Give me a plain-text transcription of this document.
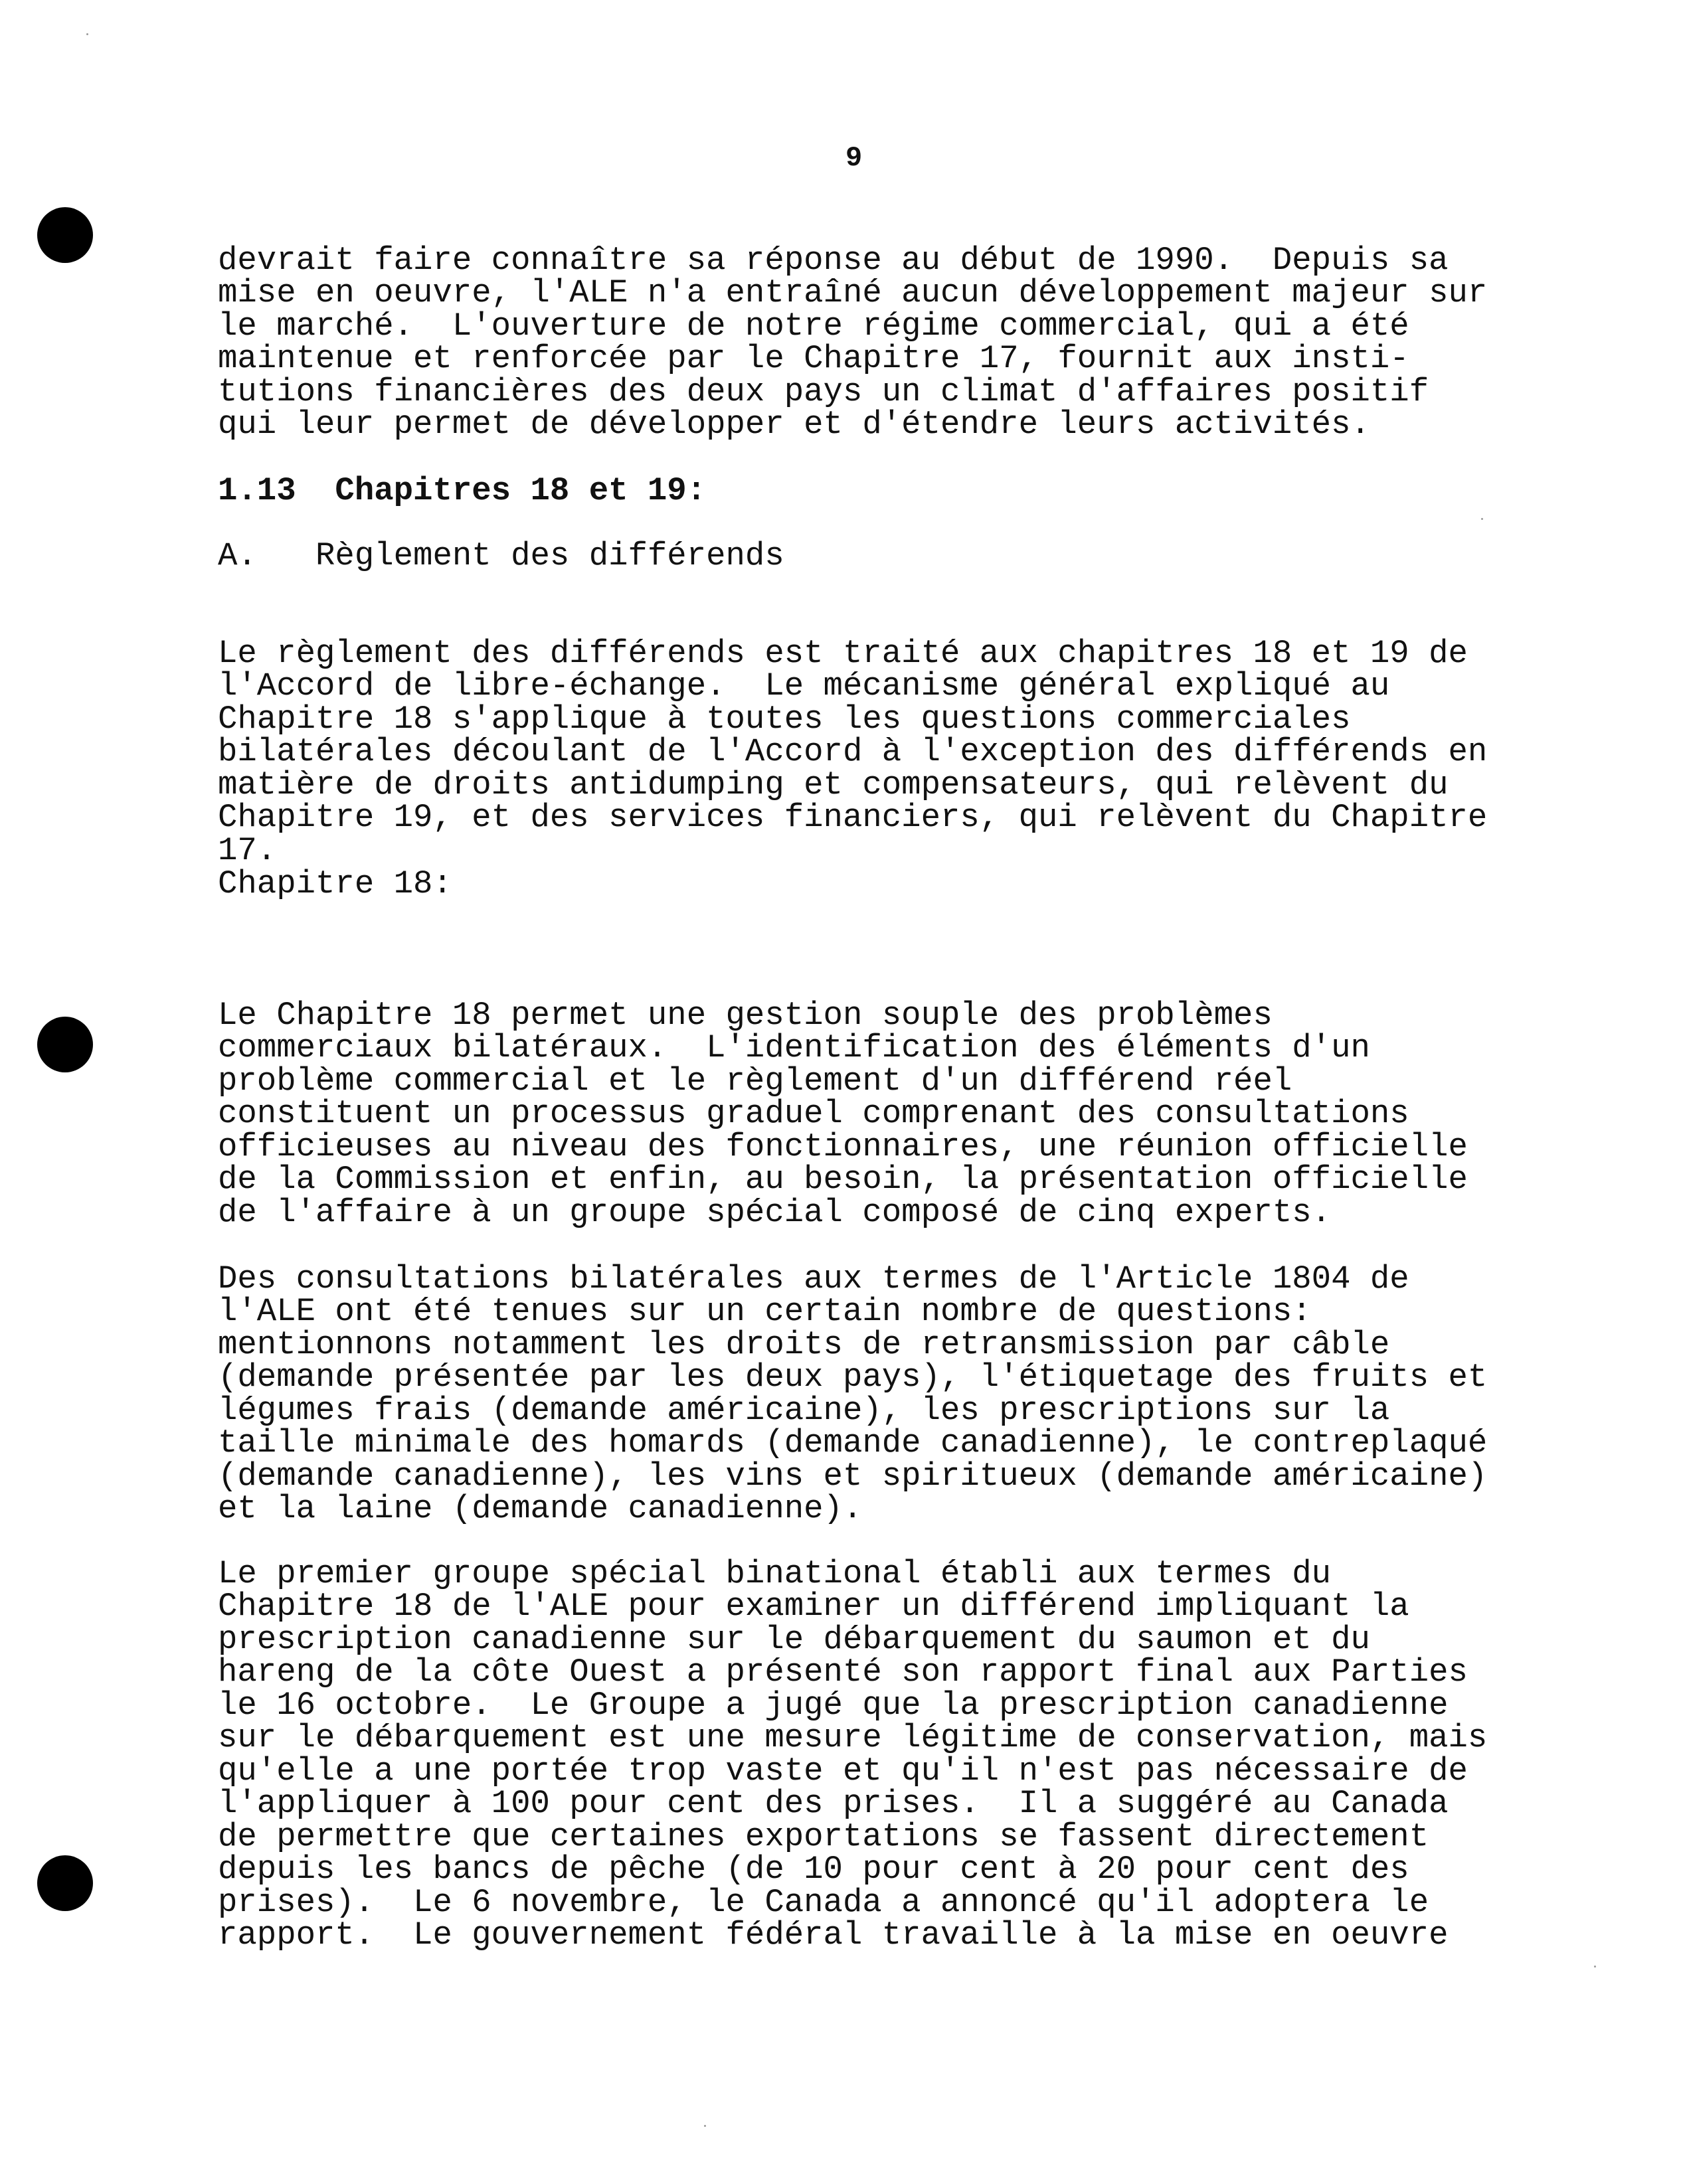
9

devrait faire connaître sa réponse au début de 1990.  Depuis sa
mise en oeuvre, l'ALE n'a entraîné aucun développement majeur sur
le marché.  L'ouverture de notre régime commercial, qui a été
maintenue et renforcée par le Chapitre 17, fournit aux insti-
tutions financières des deux pays un climat d'affaires positif
qui leur permet de développer et d'étendre leurs activités.

1.13  Chapitres 18 et 19:

A.   Règlement des différends

Le règlement des différends est traité aux chapitres 18 et 19 de
l'Accord de libre-échange.  Le mécanisme général expliqué au
Chapitre 18 s'applique à toutes les questions commerciales
bilatérales découlant de l'Accord à l'exception des différends en
matière de droits antidumping et compensateurs, qui relèvent du
Chapitre 19, et des services financiers, qui relèvent du Chapitre
17.

Chapitre 18:

Le Chapitre 18 permet une gestion souple des problèmes
commerciaux bilatéraux.  L'identification des éléments d'un
problème commercial et le règlement d'un différend réel
constituent un processus graduel comprenant des consultations
officieuses au niveau des fonctionnaires, une réunion officielle
de la Commission et enfin, au besoin, la présentation officielle
de l'affaire à un groupe spécial composé de cinq experts.

Des consultations bilatérales aux termes de l'Article 1804 de
l'ALE ont été tenues sur un certain nombre de questions:
mentionnons notamment les droits de retransmission par câble
(demande présentée par les deux pays), l'étiquetage des fruits et
légumes frais (demande américaine), les prescriptions sur la
taille minimale des homards (demande canadienne), le contreplaqué
(demande canadienne), les vins et spiritueux (demande américaine)
et la laine (demande canadienne).

Le premier groupe spécial binational établi aux termes du
Chapitre 18 de l'ALE pour examiner un différend impliquant la
prescription canadienne sur le débarquement du saumon et du
hareng de la côte Ouest a présenté son rapport final aux Parties
le 16 octobre.  Le Groupe a jugé que la prescription canadienne
sur le débarquement est une mesure légitime de conservation, mais
qu'elle a une portée trop vaste et qu'il n'est pas nécessaire de
l'appliquer à 100 pour cent des prises.  Il a suggéré au Canada
de permettre que certaines exportations se fassent directement
depuis les bancs de pêche (de 10 pour cent à 20 pour cent des
prises).  Le 6 novembre, le Canada a annoncé qu'il adoptera le
rapport.  Le gouvernement fédéral travaille à la mise en oeuvre
